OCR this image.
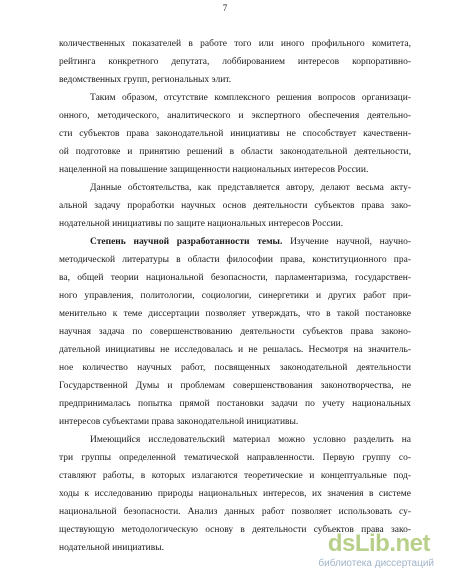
7
количественных показателей в работе того или иного профильного комитета,
рейтинга конкретного депутата, лоббированием интересов корпоративно-
ведомственных групп, региональных элит.
Таким образом, отсутствие комплексного решения вопросов организаци-
онного, методического, аналитического и экспертного обеспечения деятельно-
сти субъектов права законодательной инициативы не способствует качественн-
ой подготовке и принятию решений в области законодательной деятельности,
нацеленной на повышение защищенности национальных интересов России.
Данные обстоятельства, как представляется автору, делают весьма акту-
альной задачу проработки научных основ деятельности субъектов права зако-
нодательной инициативы по защите национальных интересов России.
Степень научной разработанности темы. Изучение научной, научно-
методической литературы в области философии права, конституционного пра-
ва, общей теории национальной безопасности, парламентаризма, государствен-
ного управления, политологии, социологии, синергетики и других работ при-
менительно к теме диссертации позволяет утверждать, что в такой постановке
научная задача по совершенствованию деятельности субъектов права законо-
дательной инициативы не исследовалась и не решалась. Несмотря на значитель-
ное количество научных работ, посвященных законодательной деятельности
Государственной Думы и проблемам совершенствования законотворчества, не
предпринималась попытка прямой постановки задачи по учету национальных
интересов субъектами права законодательной инициативы.
Имеющийся исследовательский материал можно условно разделить на
три группы определенной тематической направленности. Первую группу со-
ставляют работы, в которых излагаются теоретические и концептуальные под-
ходы к исследованию природы национальных интересов, их значения в системе
национальной безопасности. Анализ данных работ позволяет использовать су-
ществующую методологическую основу в деятельности субъектов права зако-
нодательной инициативы.	dsLib.net
библиотека диссертаций
